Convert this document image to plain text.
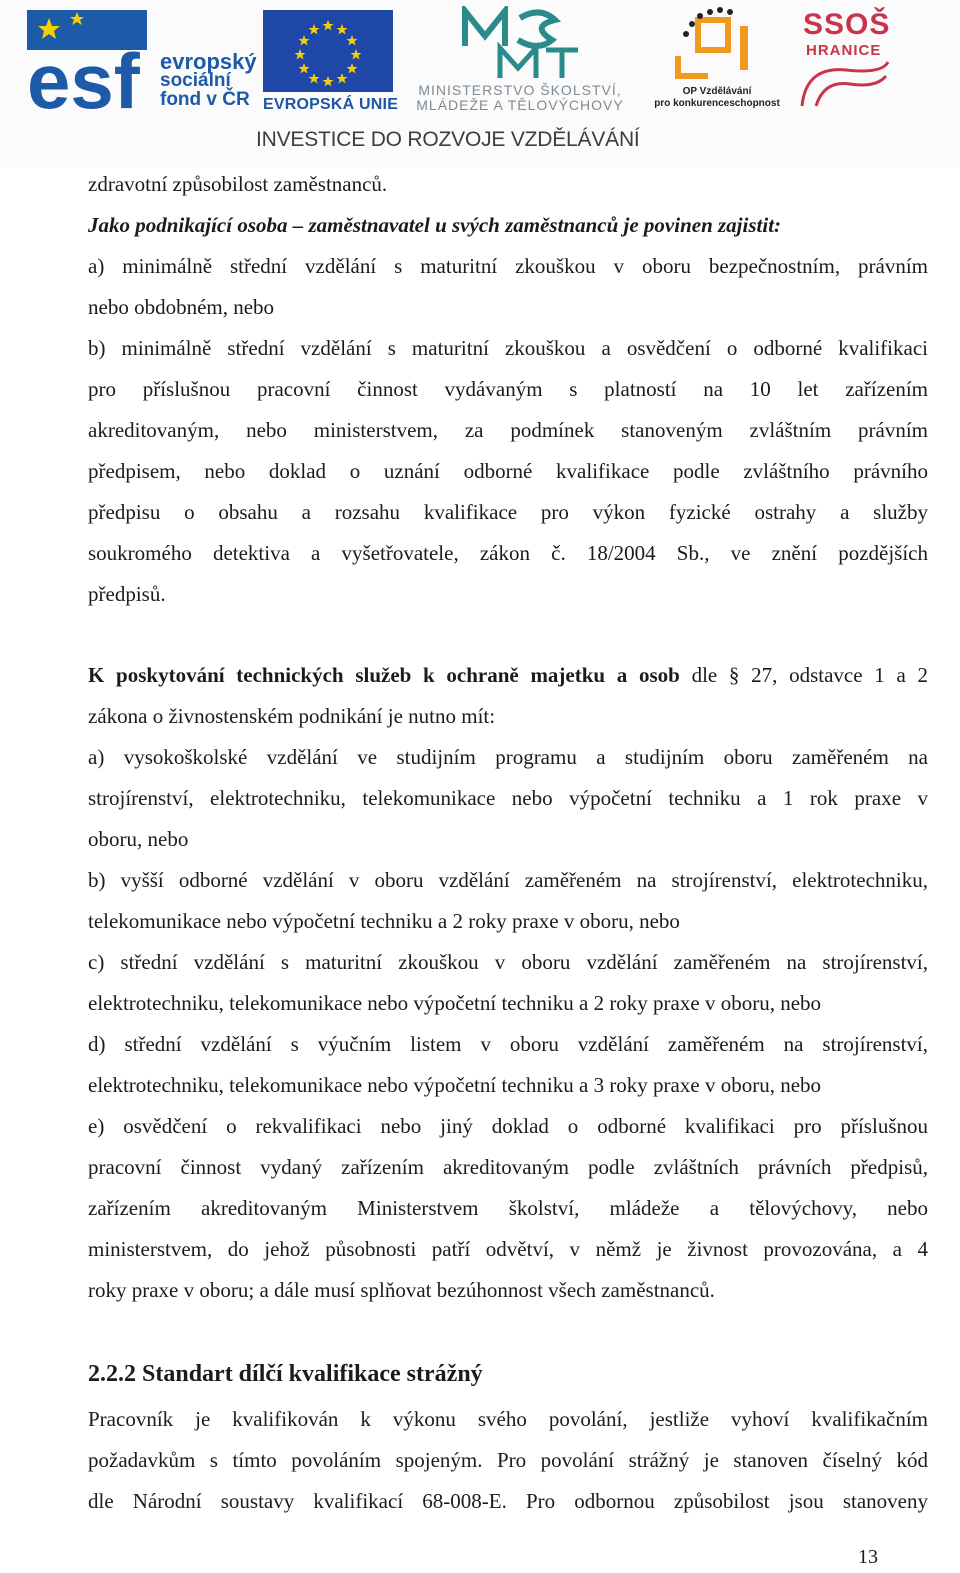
esf evropský
sociální
fond v ČR EVROPSKÁ UNIE
MINISTERSTVO ŠKOLSTVÍ,
MLÁDEŽE A TĚLOVÝCHOVY
OP Vzdělávání
pro konkurenceschopnost
SSOŠ
HRANICE
INVESTICE DO ROZVOJE VZDĚLÁVÁNÍ
zdravotní způsobilost zaměstnanců.
Jako podnikající osoba – zaměstnavatel u svých zaměstnanců je povinen zajistit:
a) minimálně střední vzdělání s maturitní zkouškou v oboru bezpečnostním, právním
nebo obdobném, nebo
b) minimálně střední vzdělání s maturitní zkouškou a osvědčení o odborné kvalifikaci
pro příslušnou pracovní činnost vydávaným s platností na 10 let zařízením
akreditovaným, nebo ministerstvem, za podmínek stanoveným zvláštním právním
předpisem, nebo doklad o uznání odborné kvalifikace podle zvláštního právního
předpisu o obsahu a rozsahu kvalifikace pro výkon fyzické ostrahy a služby
soukromého detektiva a vyšetřovatele, zákon č. 18/2004 Sb., ve znění pozdějších
předpisů.
K poskytování technických služeb k ochraně majetku a osob dle § 27, odstavce 1 a 2
zákona o živnostenském podnikání je nutno mít:
a) vysokoškolské vzdělání ve studijním programu a studijním oboru zaměřeném na
strojírenství, elektrotechniku, telekomunikace nebo výpočetní techniku a 1 rok praxe v
oboru, nebo
b) vyšší odborné vzdělání v oboru vzdělání zaměřeném na strojírenství, elektrotechniku,
telekomunikace nebo výpočetní techniku a 2 roky praxe v oboru, nebo
c) střední vzdělání s maturitní zkouškou v oboru vzdělání zaměřeném na strojírenství,
elektrotechniku, telekomunikace nebo výpočetní techniku a 2 roky praxe v oboru, nebo
d) střední vzdělání s výučním listem v oboru vzdělání zaměřeném na strojírenství,
elektrotechniku, telekomunikace nebo výpočetní techniku a 3 roky praxe v oboru, nebo
e) osvědčení o rekvalifikaci nebo jiný doklad o odborné kvalifikaci pro příslušnou
pracovní činnost vydaný zařízením akreditovaným podle zvláštních právních předpisů,
zařízením akreditovaným Ministerstvem školství, mládeže a tělovýchovy, nebo
ministerstvem, do jehož působnosti patří odvětví, v němž je živnost provozována, a 4
roky praxe v oboru; a dále musí splňovat bezúhonnost všech zaměstnanců.
2.2.2 Standart dílčí kvalifikace strážný
Pracovník je kvalifikován k výkonu svého povolání, jestliže vyhoví kvalifikačním
požadavkům s tímto povoláním spojeným. Pro povolání strážný je stanoven číselný kód
dle Národní soustavy kvalifikací 68-008-E. Pro odbornou způsobilost jsou stanoveny
13
